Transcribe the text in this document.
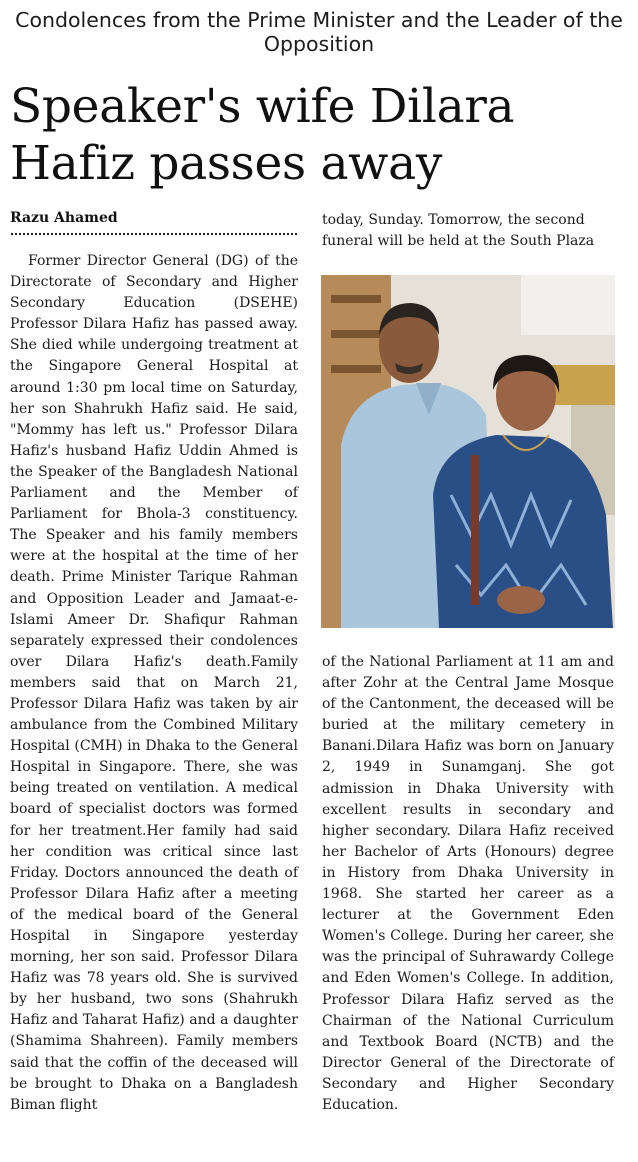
Condolences from the Prime Minister and the Leader of the Opposition
Speaker's wife Dilara Hafiz passes away
Razu Ahamed
Former Director General (DG) of the Directorate of Secondary and Higher Secondary Education (DSEHE) Professor Dilara Hafiz has passed away. She died while undergoing treatment at the Singapore General Hospital at around 1:30 pm local time on Saturday, her son Shahrukh Hafiz said. He said, "Mommy has left us." Professor Dilara Hafiz's husband Hafiz Uddin Ahmed is the Speaker of the Bangladesh National Parliament and the Member of Parliament for Bhola-3 constituency. The Speaker and his family members were at the hospital at the time of her death. Prime Minister Tarique Rahman and Opposition Leader and Jamaat-e-Islami Ameer Dr. Shafiqur Rahman separately expressed their condolences over Dilara Hafiz's death.Family members said that on March 21, Professor Dilara Hafiz was taken by air ambulance from the Combined Military Hospital (CMH) in Dhaka to the General Hospital in Singapore. There, she was being treated on ventilation. A medical board of specialist doctors was formed for her treatment.Her family had said her condition was critical since last Friday. Doctors announced the death of Professor Dilara Hafiz after a meeting of the medical board of the General Hospital in Singapore yesterday morning, her son said. Professor Dilara Hafiz was 78 years old. She is survived by her husband, two sons (Shahrukh Hafiz and Taharat Hafiz) and a daughter (Shamima Shahreen). Family members said that the coffin of the deceased will be brought to Dhaka on a Bangladesh Biman flight
today, Sunday. Tomorrow, the second funeral will be held at the South Plaza
of the National Parliament at 11 am and after Zohr at the Central Jame Mosque of the Cantonment, the deceased will be buried at the military cemetery in Banani.Dilara Hafiz was born on January 2, 1949 in Sunamganj. She got admission in Dhaka University with excellent results in secondary and higher secondary. Dilara Hafiz received her Bachelor of Arts (Honours) degree in History from Dhaka University in 1968. She started her career as a lecturer at the Government Eden Women's College. During her career, she was the principal of Suhrawardy College and Eden Women's College. In addition, Professor Dilara Hafiz served as the Chairman of the National Curriculum and Textbook Board (NCTB) and the Director General of the Directorate of Secondary and Higher Secondary Education.
